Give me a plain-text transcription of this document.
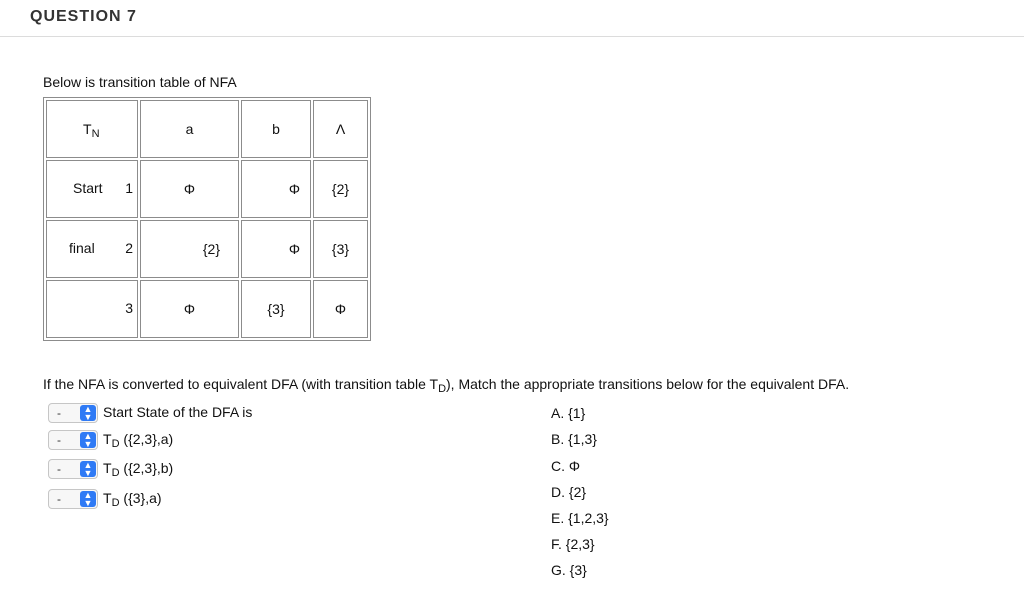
QUESTION 7
Below is transition table of NFA
$T_N$	a	b	Λ

Start 1	Φ	Φ	{2}

final 2	{2}	Φ	{3}

3	Φ	{3}	Φ
If the NFA is converted to equivalent DFA (with transition table $T_D$), Match the appropriate transitions below for the equivalent DFA.
-	▲
▼ Start State of the DFA is
-	▲
▼ $T_D$ ({2,3},a)
-	▲
▼ $T_D$ ({2,3},b)
-	▲
▼ $T_D$ ({3},a)
A. {1}
B. {1,3}
C. Φ
D. {2}
E. {1,2,3}
F. {2,3}
G. {3}
